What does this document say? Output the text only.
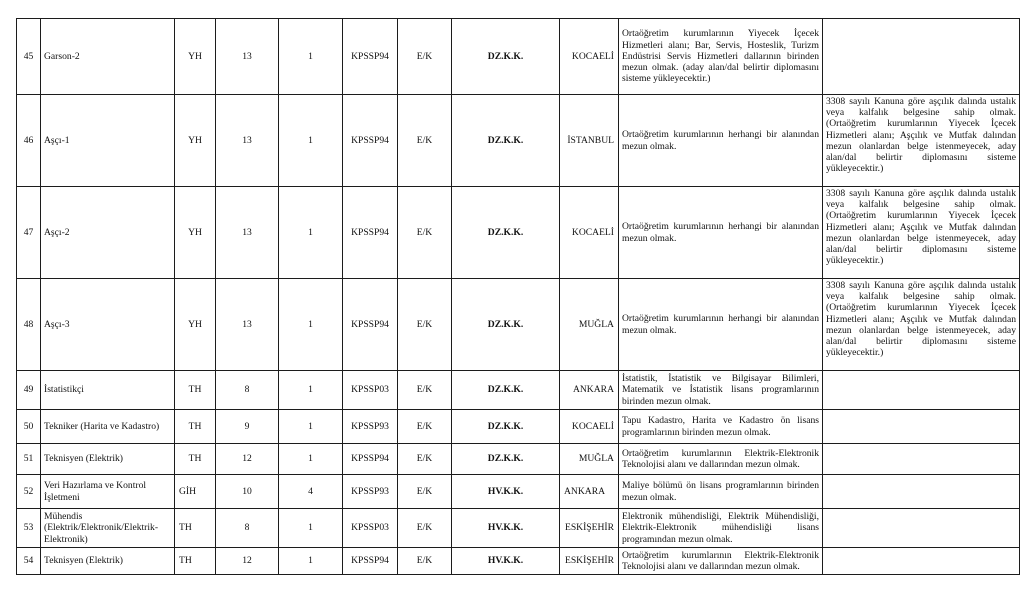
45	Garson-2	YH	13	1	KPSSP94	E/K	DZ.K.K.	KOCAELİ	Ortaöğretim kurumlarının Yiyecek İçecek Hizmetleri alanı; Bar, Servis, Hosteslik, Turizm Endüstrisi Servis Hizmetleri dallarının birinden mezun olmak. (aday alan/dal belirtir diplomasını sisteme yükleyecektir.)	
46	Aşçı-1	YH	13	1	KPSSP94	E/K	DZ.K.K.	İSTANBUL	Ortaöğretim kurumlarının herhangi bir alanından mezun olmak.	3308 sayılı Kanuna göre aşçılık dalında ustalık veya kalfalık belgesine sahip olmak. (Ortaöğretim kurumlarının Yiyecek İçecek Hizmetleri alanı; Aşçılık ve Mutfak dalından mezun olanlardan belge istenmeyecek, aday alan/dal belirtir diplomasını sisteme yükleyecektir.)
47	Aşçı-2	YH	13	1	KPSSP94	E/K	DZ.K.K.	KOCAELİ	Ortaöğretim kurumlarının herhangi bir alanından mezun olmak.	3308 sayılı Kanuna göre aşçılık dalında ustalık veya kalfalık belgesine sahip olmak. (Ortaöğretim kurumlarının Yiyecek İçecek Hizmetleri alanı; Aşçılık ve Mutfak dalından mezun olanlardan belge istenmeyecek, aday alan/dal belirtir diplomasını sisteme yükleyecektir.)
48	Aşçı-3	YH	13	1	KPSSP94	E/K	DZ.K.K.	MUĞLA	Ortaöğretim kurumlarının herhangi bir alanından mezun olmak.	3308 sayılı Kanuna göre aşçılık dalında ustalık veya kalfalık belgesine sahip olmak. (Ortaöğretim kurumlarının Yiyecek İçecek Hizmetleri alanı; Aşçılık ve Mutfak dalından mezun olanlardan belge istenmeyecek, aday alan/dal belirtir diplomasını sisteme yükleyecektir.)
49	İstatistikçi	TH	8	1	KPSSP03	E/K	DZ.K.K.	ANKARA	İstatistik, İstatistik ve Bilgisayar Bilimleri, Matematik ve İstatistik lisans programlarının birinden mezun olmak.	
50	Tekniker (Harita ve Kadastro)	TH	9	1	KPSSP93	E/K	DZ.K.K.	KOCAELİ	Tapu Kadastro, Harita ve Kadastro ön lisans programlarının birinden mezun olmak.	
51	Teknisyen (Elektrik)	TH	12	1	KPSSP94	E/K	DZ.K.K.	MUĞLA	Ortaöğretim kurumlarının Elektrik-Elektronik Teknolojisi alanı ve dallarından mezun olmak.	
52	Veri Hazırlama ve Kontrol İşletmeni	GİH	10	4	KPSSP93	E/K	HV.K.K.	ANKARA	Maliye bölümü ön lisans programlarının birinden mezun olmak.	
53	Mühendis (Elektrik/Elektronik/Elektrik-Elektronik)	TH	8	1	KPSSP03	E/K	HV.K.K.	ESKİŞEHİR	Elektronik mühendisliği, Elektrik Mühendisliği, Elektrik-Elektronik mühendisliği lisans programından mezun olmak.	
54	Teknisyen (Elektrik)	TH	12	1	KPSSP94	E/K	HV.K.K.	ESKİŞEHİR	Ortaöğretim kurumlarının Elektrik-Elektronik Teknolojisi alanı ve dallarından mezun olmak.	
